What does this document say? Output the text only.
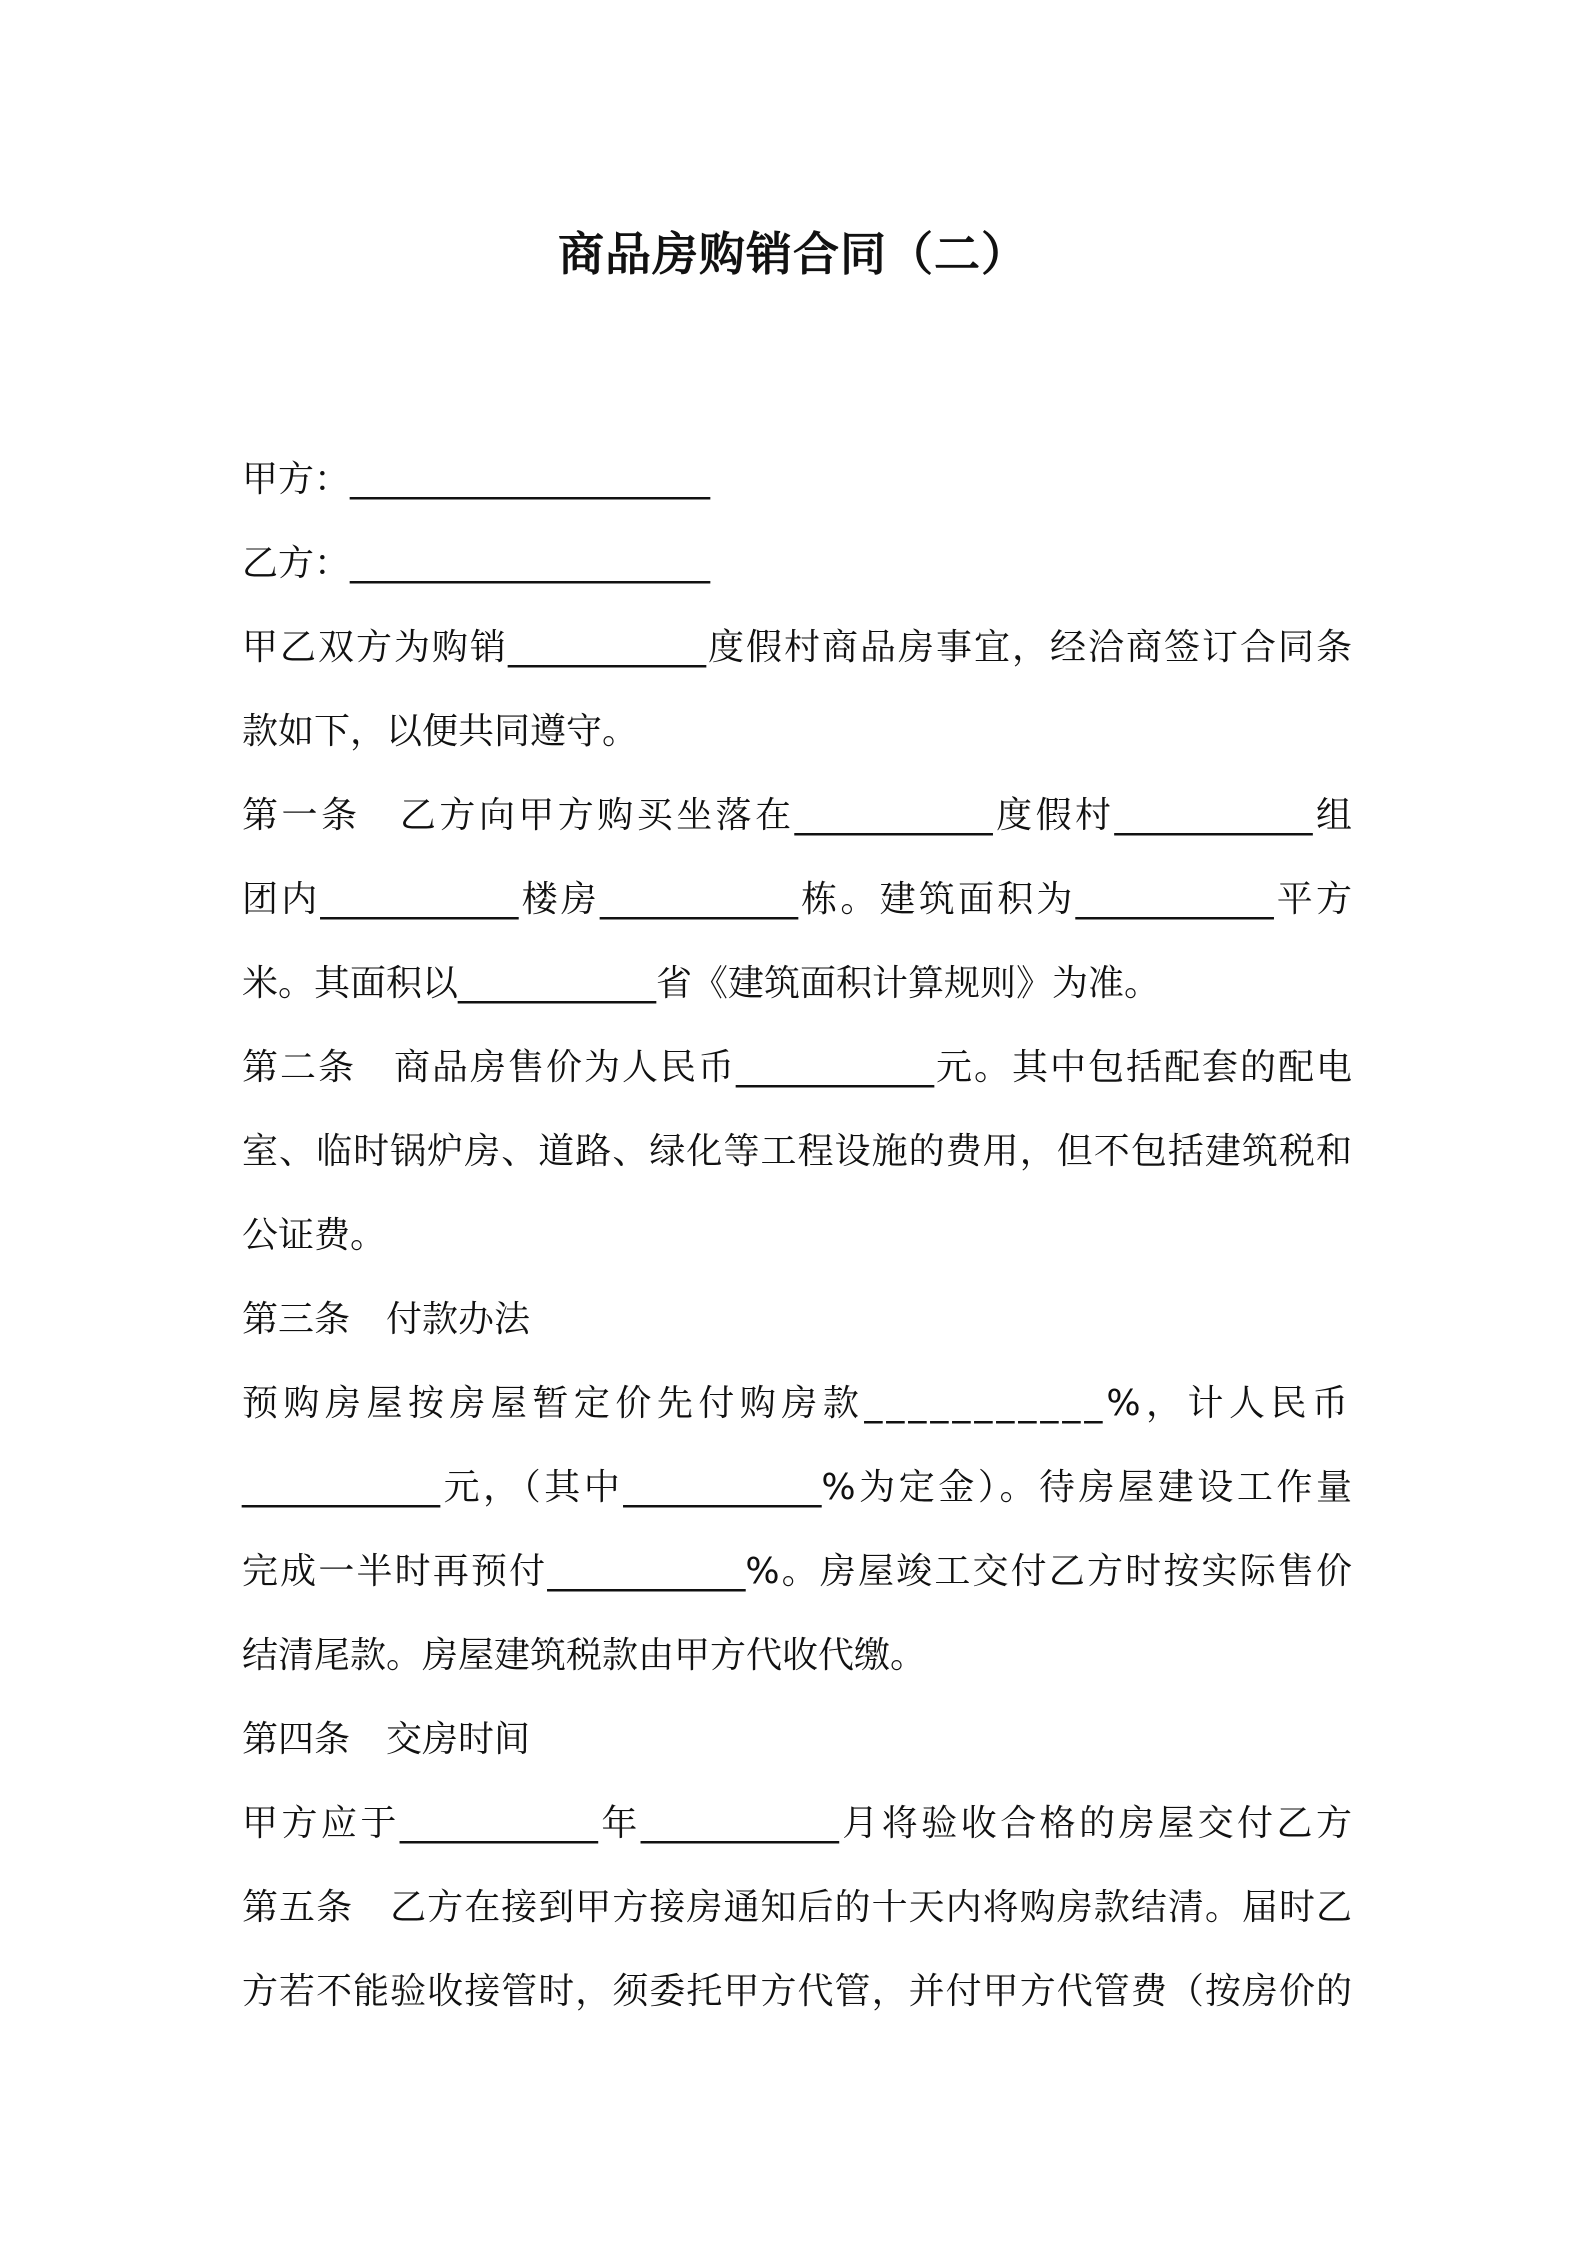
商品房购销合同（二）
甲方：____________________
乙方：____________________
甲乙双方为购销___________度假村商品房事宜，经洽商签订合同条
款如下，以便共同遵守。
第一条　乙方向甲方购买坐落在___________度假村___________组
团内___________楼房___________栋。建筑面积为___________平方
米。其面积以___________省《建筑面积计算规则》为准。
第二条　商品房售价为人民币___________元。其中包括配套的配电
室、临时锅炉房、道路、绿化等工程设施的费用，但不包括建筑税和
公证费。
第三条　付款办法
预购房屋按房屋暂定价先付购房款___________%，计人民币
___________元，（其中___________%为定金）。待房屋建设工作量
完成一半时再预付___________%。房屋竣工交付乙方时按实际售价
结清尾款。房屋建筑税款由甲方代收代缴。
第四条　交房时间
甲方应于___________年___________月将验收合格的房屋交付乙方
第五条　乙方在接到甲方接房通知后的十天内将购房款结清。届时乙
方若不能验收接管时，须委托甲方代管，并付甲方代管费（按房价的
